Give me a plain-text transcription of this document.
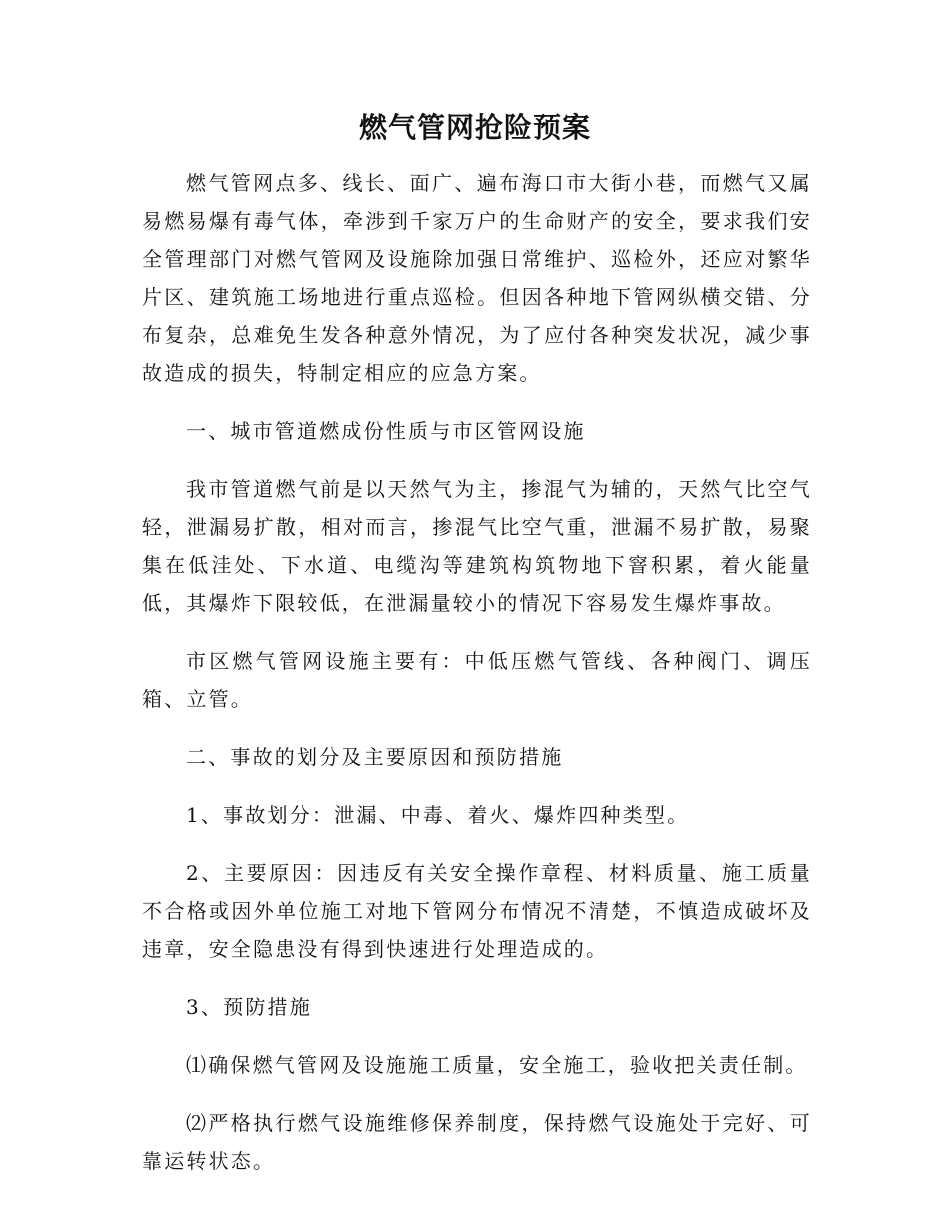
燃气管网抢险预案

燃气管网点多、线长、面广、遍布海口市大街小巷，而燃气又属易燃易爆有毒气体，牵涉到千家万户的生命财产的安全，要求我们安全管理部门对燃气管网及设施除加强日常维护、巡检外，还应对繁华片区、建筑施工场地进行重点巡检。但因各种地下管网纵横交错、分布复杂，总难免生发各种意外情况，为了应付各种突发状况，减少事故造成的损失，特制定相应的应急方案。

一、城市管道燃成份性质与市区管网设施

我市管道燃气前是以天然气为主，掺混气为辅的，天然气比空气轻，泄漏易扩散，相对而言，掺混气比空气重，泄漏不易扩散，易聚集在低洼处、下水道、电缆沟等建筑构筑物地下窨积累，着火能量低，其爆炸下限较低，在泄漏量较小的情况下容易发生爆炸事故。

市区燃气管网设施主要有：中低压燃气管线、各种阀门、调压箱、立管。

二、事故的划分及主要原因和预防措施

1、事故划分：泄漏、中毒、着火、爆炸四种类型。

2、主要原因：因违反有关安全操作章程、材料质量、施工质量不合格或因外单位施工对地下管网分布情况不清楚，不慎造成破坏及违章，安全隐患没有得到快速进行处理造成的。

3、预防措施

⑴确保燃气管网及设施施工质量，安全施工，验收把关责任制。

⑵严格执行燃气设施维修保养制度，保持燃气设施处于完好、可靠运转状态。
